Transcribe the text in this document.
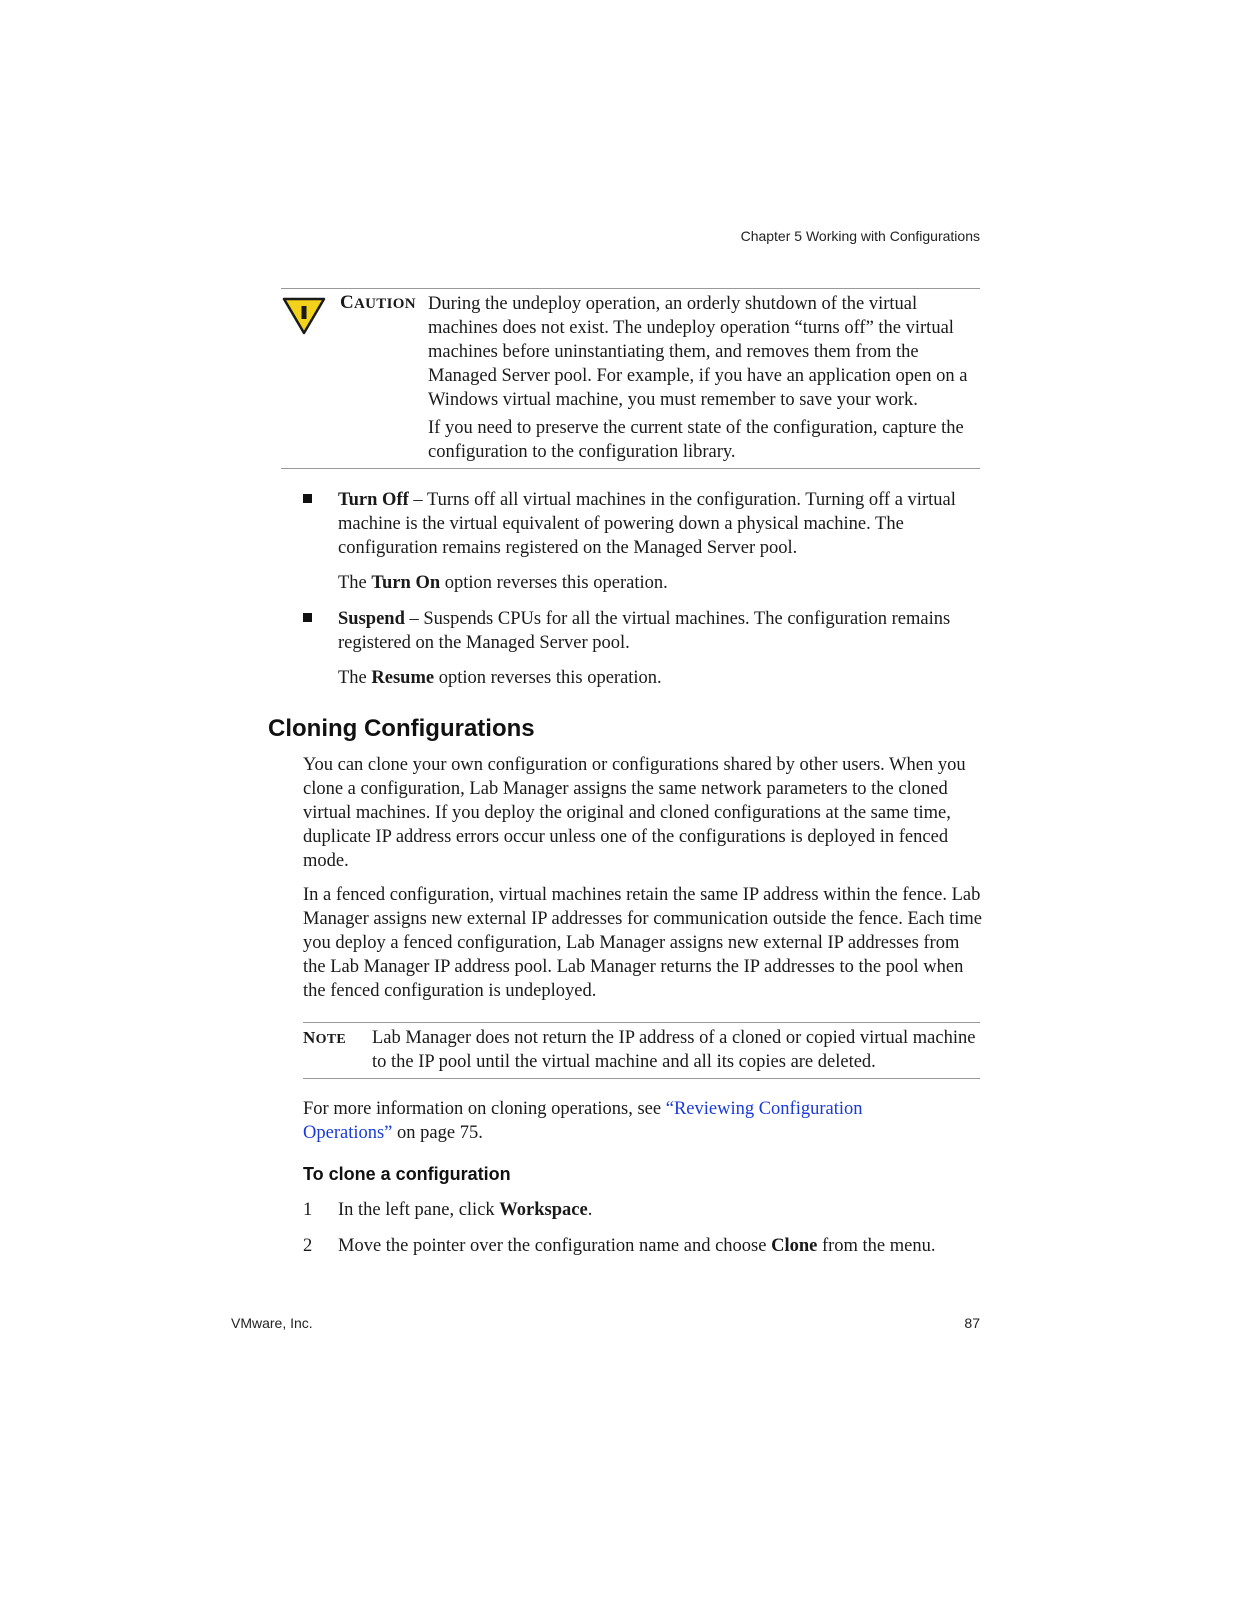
Chapter 5 Working with Configurations
CAUTION During the undeploy operation, an orderly shutdown of the virtual machines does not exist. The undeploy operation “turns off” the virtual machines before uninstantiating them, and removes them from the Managed Server pool. For example, if you have an application open on a Windows virtual machine, you must remember to save your work.
If you need to preserve the current state of the configuration, capture the configuration to the configuration library.
Turn Off – Turns off all virtual machines in the configuration. Turning off a virtual machine is the virtual equivalent of powering down a physical machine. The configuration remains registered on the Managed Server pool.
The Turn On option reverses this operation.
Suspend – Suspends CPUs for all the virtual machines. The configuration remains registered on the Managed Server pool.
The Resume option reverses this operation.
Cloning Configurations
You can clone your own configuration or configurations shared by other users. When you clone a configuration, Lab Manager assigns the same network parameters to the cloned virtual machines. If you deploy the original and cloned configurations at the same time, duplicate IP address errors occur unless one of the configurations is deployed in fenced mode.
In a fenced configuration, virtual machines retain the same IP address within the fence. Lab Manager assigns new external IP addresses for communication outside the fence. Each time you deploy a fenced configuration, Lab Manager assigns new external IP addresses from the Lab Manager IP address pool. Lab Manager returns the IP addresses to the pool when the fenced configuration is undeployed.
NOTE Lab Manager does not return the IP address of a cloned or copied virtual machine to the IP pool until the virtual machine and all its copies are deleted.
For more information on cloning operations, see “Reviewing Configuration Operations” on page 75.
To clone a configuration
1 In the left pane, click Workspace.
2 Move the pointer over the configuration name and choose Clone from the menu.
VMware, Inc.	87
